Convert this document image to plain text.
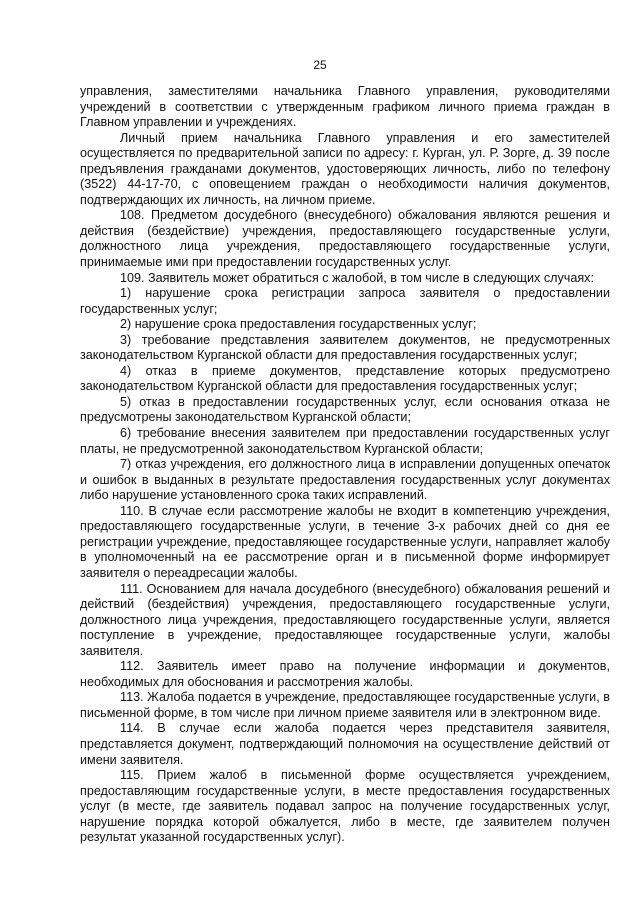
25

управления, заместителями начальника Главного управления, руководителями учреждений в соответствии с утвержденным графиком личного приема граждан в Главном управлении и учреждениях.

Личный прием начальника Главного управления и его заместителей осуществляется по предварительной записи по адресу: г. Курган, ул. Р. Зорге, д. 39 после предъявления гражданами документов, удостоверяющих личность, либо по телефону (3522) 44-17-70, с оповещением граждан о необходимости наличия документов, подтверждающих их личность, на личном приеме.

108. Предметом досудебного (внесудебного) обжалования являются решения и действия (бездействие) учреждения, предоставляющего государственные услуги, должностного лица учреждения, предоставляющего государственные услуги, принимаемые ими при предоставлении государственных услуг.

109. Заявитель может обратиться с жалобой, в том числе в следующих случаях:

1) нарушение срока регистрации запроса заявителя о предоставлении государственных услуг;

2) нарушение срока предоставления государственных услуг;

3) требование представления заявителем документов, не предусмотренных законодательством Курганской области для предоставления государственных услуг;

4) отказ в приеме документов, представление которых предусмотрено законодательством Курганской области для предоставления государственных услуг;

5) отказ в предоставлении государственных услуг, если основания отказа не предусмотрены законодательством Курганской области;

6) требование внесения заявителем при предоставлении государственных услуг платы, не предусмотренной законодательством Курганской области;

7) отказ учреждения, его должностного лица в исправлении допущенных опечаток и ошибок в выданных в результате предоставления государственных услуг документах либо нарушение установленного срока таких исправлений.

110. В случае если рассмотрение жалобы не входит в компетенцию учреждения, предоставляющего государственные услуги, в течение 3-х рабочих дней со дня ее регистрации учреждение, предоставляющее государственные услуги, направляет жалобу в уполномоченный на ее рассмотрение орган и в письменной форме информирует заявителя о переадресации жалобы.

111. Основанием для начала досудебного (внесудебного) обжалования решений и действий (бездействия) учреждения, предоставляющего государственные услуги, должностного лица учреждения, предоставляющего государственные услуги, является поступление в учреждение, предоставляющее государственные услуги, жалобы заявителя.

112. Заявитель имеет право на получение информации и документов, необходимых для обоснования и рассмотрения жалобы.

113. Жалоба подается в учреждение, предоставляющее государственные услуги, в письменной форме, в том числе при личном приеме заявителя или в электронном виде.

114. В случае если жалоба подается через представителя заявителя, представляется документ, подтверждающий полномочия на осуществление действий от имени заявителя.

115. Прием жалоб в письменной форме осуществляется учреждением, предоставляющим государственные услуги, в месте предоставления государственных услуг (в месте, где заявитель подавал запрос на получение государственных услуг, нарушение порядка которой обжалуется, либо в месте, где заявителем получен результат указанной государственных услуг).
